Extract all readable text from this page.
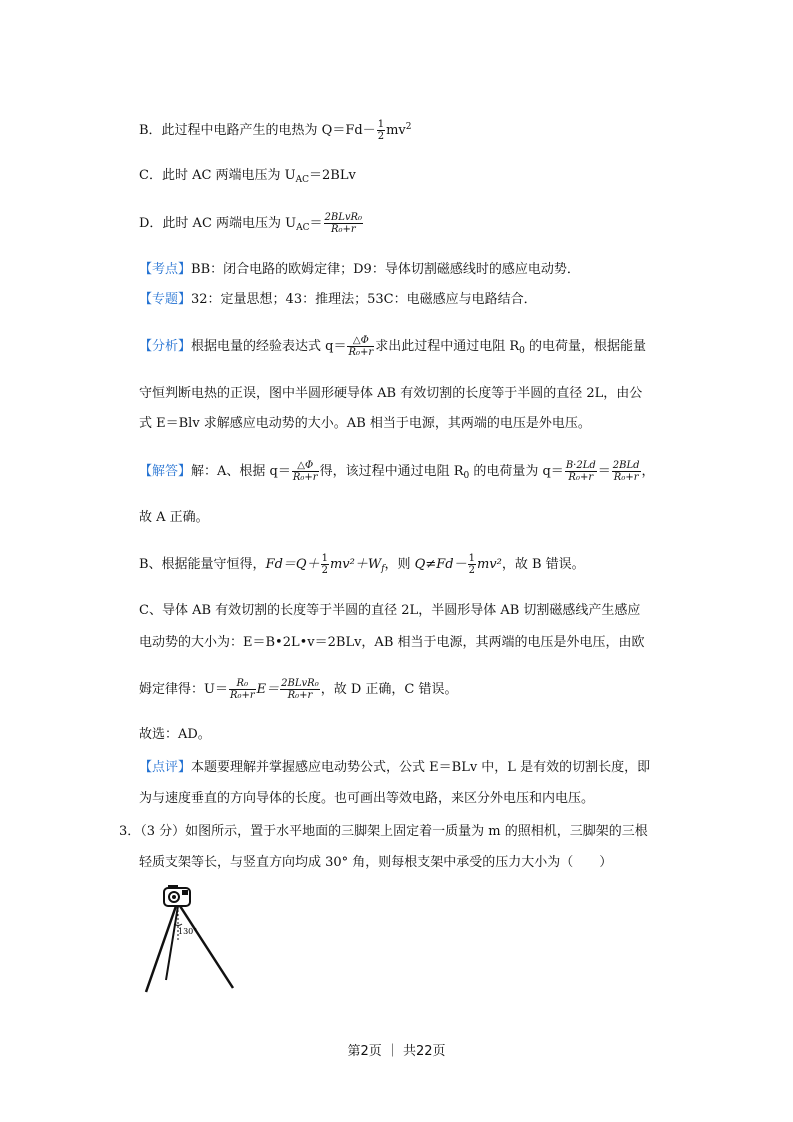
B．此过程中电路产生的电热为 $Q=Fd- \frac{1}{2} mv^2$
C．此时 AC 两端电压为 $U_{AC}=2BLv$
D．此时 AC 两端电压为 $U_{AC}= \frac{\text{2BLvR₀}}{\text{R₀+r}}$
【考点】BB：闭合电路的欧姆定律；D9：导体切割磁感线时的感应电动势．
【专题】32：定量思想；43：推理法；53C：电磁感应与电路结合．
【分析】根据电量的经验表达式 $q= \frac{\triangle\Phi}{\text{R₀+r}}$ 求出此过程中通过电阻 $R_0$ 的电荷量，根据能量
守恒判断电热的正误，图中半圆形硬导体 AB 有效切割的长度等于半圆的直径 2L，由公
式 E＝Blv 求解感应电动势的大小。AB 相当于电源，其两端的电压是外电压。
【解答】解：A、根据 $q= \frac{\triangle\Phi}{\text{R₀+r}}$ 得，该过程中通过电阻 $R_0$ 的电荷量为 $q= \frac{B\cdot 2Ld}{\text{R₀+r}} = \frac{\text{2BLd}}{\text{R₀+r}}$ ，
故 A 正确。
B、根据能量守恒得，$Fd=Q+ \frac{1}{2} mv^2+W_f$，则 $Q\ne Fd- \frac{1}{2} mv^2$，故 B 错误。
C、导体 AB 有效切割的长度等于半圆的直径 2L，半圆形导体 AB 切割磁感线产生感应
电动势的大小为：E＝B•2L•v＝2BLv，AB 相当于电源，其两端的电压是外电压，由欧
姆定律得：$U= \frac{\text{R₀}}{\text{R₀+r}} E= \frac{\text{2BLvR₀}}{\text{R₀+r}}$ ，故 D 正确，C 错误。
故选：AD。
【点评】本题要理解并掌握感应电动势公式，公式 E＝BLv 中，L 是有效的切割长度，即
为与速度垂直的方向导体的长度。也可画出等效电路，来区分外电压和内电压。
3．（3 分）如图所示，置于水平地面的三脚架上固定着一质量为 m 的照相机，三脚架的三根
轻质支架等长，与竖直方向均成 30° 角，则每根支架中承受的压力大小为（　　）
130°
第2页 ｜ 共22页
